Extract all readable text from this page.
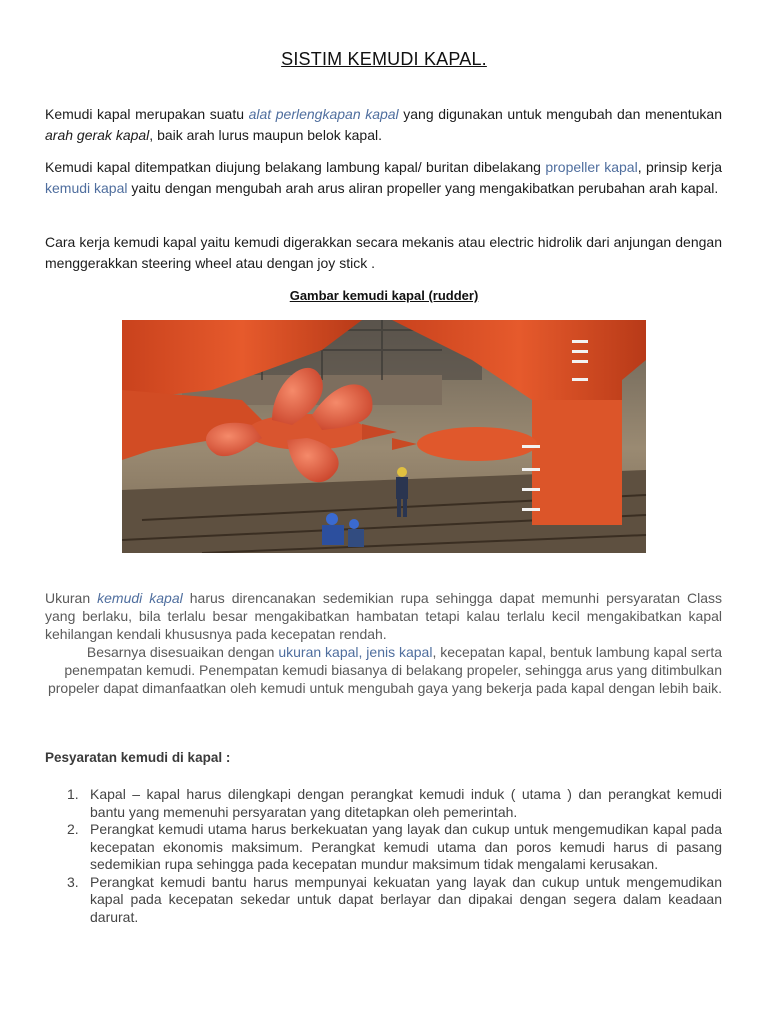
SISTIM KEMUDI KAPAL.

Kemudi kapal merupakan suatu alat perlengkapan kapal yang digunakan untuk mengubah dan menentukan arah gerak kapal, baik arah lurus maupun belok kapal.

Kemudi kapal ditempatkan diujung belakang lambung kapal/ buritan dibelakang propeller kapal, prinsip kerja kemudi kapal yaitu dengan mengubah arah arus aliran propeller yang mengakibatkan perubahan arah kapal.

Cara kerja kemudi kapal yaitu kemudi digerakkan secara mekanis atau electric hidrolik dari anjungan dengan menggerakkan steering wheel atau dengan joy stick .

Gambar kemudi kapal (rudder)

Ukuran kemudi kapal harus direncanakan sedemikian rupa sehingga dapat memunhi persyaratan Class yang berlaku, bila terlalu besar mengakibatkan hambatan tetapi kalau terlalu kecil mengakibatkan kapal kehilangan kendali khususnya pada kecepatan rendah.

Besarnya disesuaikan dengan ukuran kapal, jenis kapal, kecepatan kapal, bentuk lambung kapal serta penempatan kemudi. Penempatan kemudi biasanya di belakang propeler, sehingga arus yang ditimbulkan propeler dapat dimanfaatkan oleh kemudi untuk mengubah gaya yang bekerja pada kapal dengan lebih baik.

Pesyaratan kemudi di kapal :
1. Kapal – kapal harus dilengkapi dengan perangkat kemudi induk ( utama ) dan perangkat kemudi bantu yang memenuhi persyaratan yang ditetapkan oleh pemerintah.
2. Perangkat kemudi utama harus berkekuatan yang layak dan cukup untuk mengemudikan kapal pada kecepatan ekonomis maksimum. Perangkat kemudi utama dan poros kemudi harus di pasang sedemikian rupa sehingga pada kecepatan mundur maksimum tidak mengalami kerusakan.
3. Perangkat kemudi bantu harus mempunyai kekuatan yang layak dan cukup untuk mengemudikan kapal pada kecepatan sekedar untuk dapat berlayar dan dipakai dengan segera dalam keadaan darurat.
